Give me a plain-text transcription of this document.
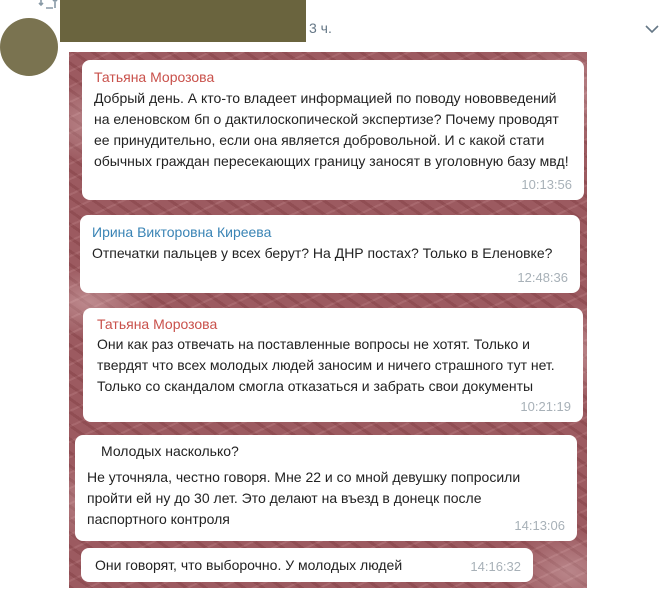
3 ч.
Татьяна Морозова
Добрый день. А кто-то владеет информацией по поводу нововведений на еленовском бп о дактилоскопической экспертизе? Почему проводят ее принудительно, если она является добровольной. И с какой стати обычных граждан пересекающих границу заносят в уголовную базу мвд!
10:13:56
Ирина Викторовна Киреева
Отпечатки пальцев у всех берут? На ДНР постах? Только в Еленовке?
12:48:36
Татьяна Морозова
Они как раз отвечать на поставленные вопросы не хотят. Только и твердят что всех молодых людей заносим и ничего страшного тут нет. Только со скандалом смогла отказаться и забрать свои документы
10:21:19
Молодых насколько?
Не уточняла, честно говоря. Мне 22 и со мной девушку попросили пройти ей ну до 30 лет. Это делают на въезд в донецк после паспортного контроля	14:13:06
Они говорят, что выборочно. У молодых людей	14:16:32
